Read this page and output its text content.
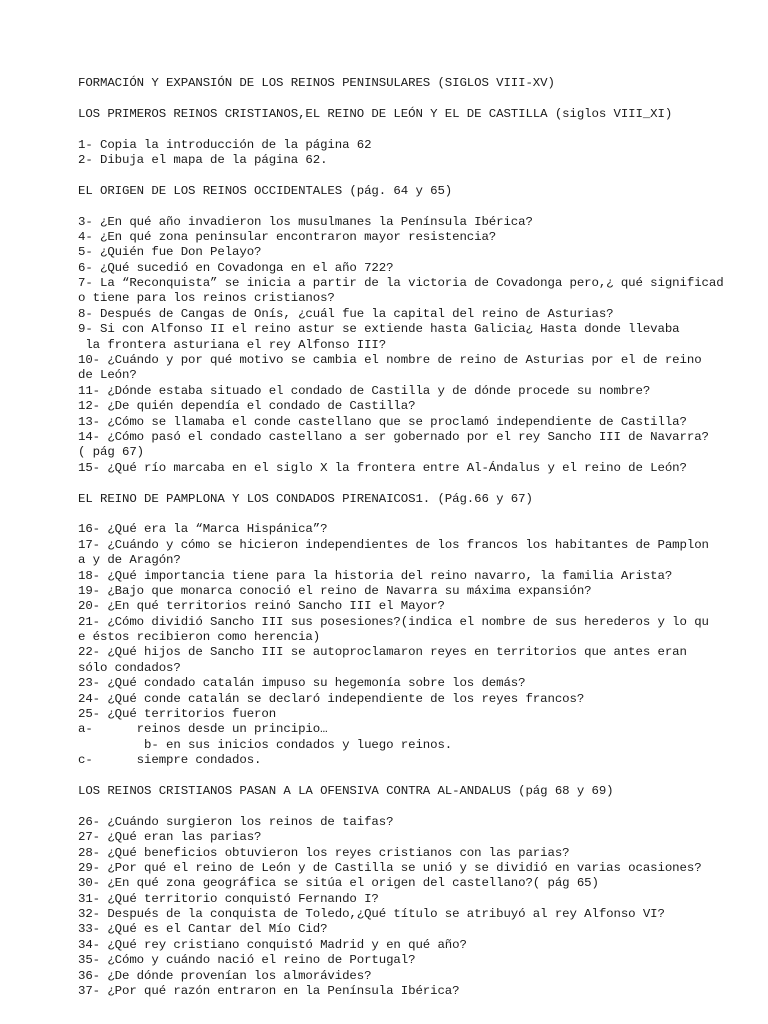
FORMACIÓN Y EXPANSIÓN DE LOS REINOS PENINSULARES (SIGLOS VIII-XV)
LOS PRIMEROS REINOS CRISTIANOS,EL REINO DE LEÓN Y EL DE CASTILLA (siglos VIII_XI)
1- Copia la introducción de la página 62
2- Dibuja el mapa de la página 62.
EL ORIGEN DE LOS REINOS OCCIDENTALES (pág. 64 y 65)
3- ¿En qué año invadieron los musulmanes la Península Ibérica?
4- ¿En qué zona peninsular encontraron mayor resistencia?
5- ¿Quién fue Don Pelayo?
6- ¿Qué sucedió en Covadonga en el año 722?
7- La “Reconquista” se inicia a partir de la victoria de Covadonga pero,¿ qué significad
o tiene para los reinos cristianos?
8- Después de Cangas de Onís, ¿cuál fue la capital del reino de Asturias?
9- Si con Alfonso II el reino astur se extiende hasta Galicia¿ Hasta donde llevaba
la frontera asturiana el rey Alfonso III?
10- ¿Cuándo y por qué motivo se cambia el nombre de reino de Asturias por el de reino
de León?
11- ¿Dónde estaba situado el condado de Castilla y de dónde procede su nombre?
12- ¿De quién dependía el condado de Castilla?
13- ¿Cómo se llamaba el conde castellano que se proclamó independiente de Castilla?
14- ¿Cómo pasó el condado castellano a ser gobernado por el rey Sancho III de Navarra?
( pág 67)
15- ¿Qué río marcaba en el siglo X la frontera entre Al-Ándalus y el reino de León?
EL REINO DE PAMPLONA Y LOS CONDADOS PIRENAICOS1. (Pág.66 y 67)
16- ¿Qué era la “Marca Hispánica”?
17- ¿Cuándo y cómo se hicieron independientes de los francos los habitantes de Pamplon
a y de Aragón?
18- ¿Qué importancia tiene para la historia del reino navarro, la familia Arista?
19- ¿Bajo que monarca conoció el reino de Navarra su máxima expansión?
20- ¿En qué territorios reinó Sancho III el Mayor?
21- ¿Cómo dividió Sancho III sus posesiones?(indica el nombre de sus herederos y lo qu
e éstos recibieron como herencia)
22- ¿Qué hijos de Sancho III se autoproclamaron reyes en territorios que antes eran
sólo condados?
23- ¿Qué condado catalán impuso su hegemonía sobre los demás?
24- ¿Qué conde catalán se declaró independiente de los reyes francos?
25- ¿Qué territorios fueron
a-      reinos desde un principio…
b- en sus inicios condados y luego reinos.
c-      siempre condados.
LOS REINOS CRISTIANOS PASAN A LA OFENSIVA CONTRA AL-ANDALUS (pág 68 y 69)
26- ¿Cuándo surgieron los reinos de taifas?
27- ¿Qué eran las parias?
28- ¿Qué beneficios obtuvieron los reyes cristianos con las parias?
29- ¿Por qué el reino de León y de Castilla se unió y se dividió en varias ocasiones?
30- ¿En qué zona geográfica se sitúa el origen del castellano?( pág 65)
31- ¿Qué territorio conquistó Fernando I?
32- Después de la conquista de Toledo,¿Qué título se atribuyó al rey Alfonso VI?
33- ¿Qué es el Cantar del Mío Cid?
34- ¿Qué rey cristiano conquistó Madrid y en qué año?
35- ¿Cómo y cuándo nació el reino de Portugal?
36- ¿De dónde provenían los almorávides?
37- ¿Por qué razón entraron en la Península Ibérica?
